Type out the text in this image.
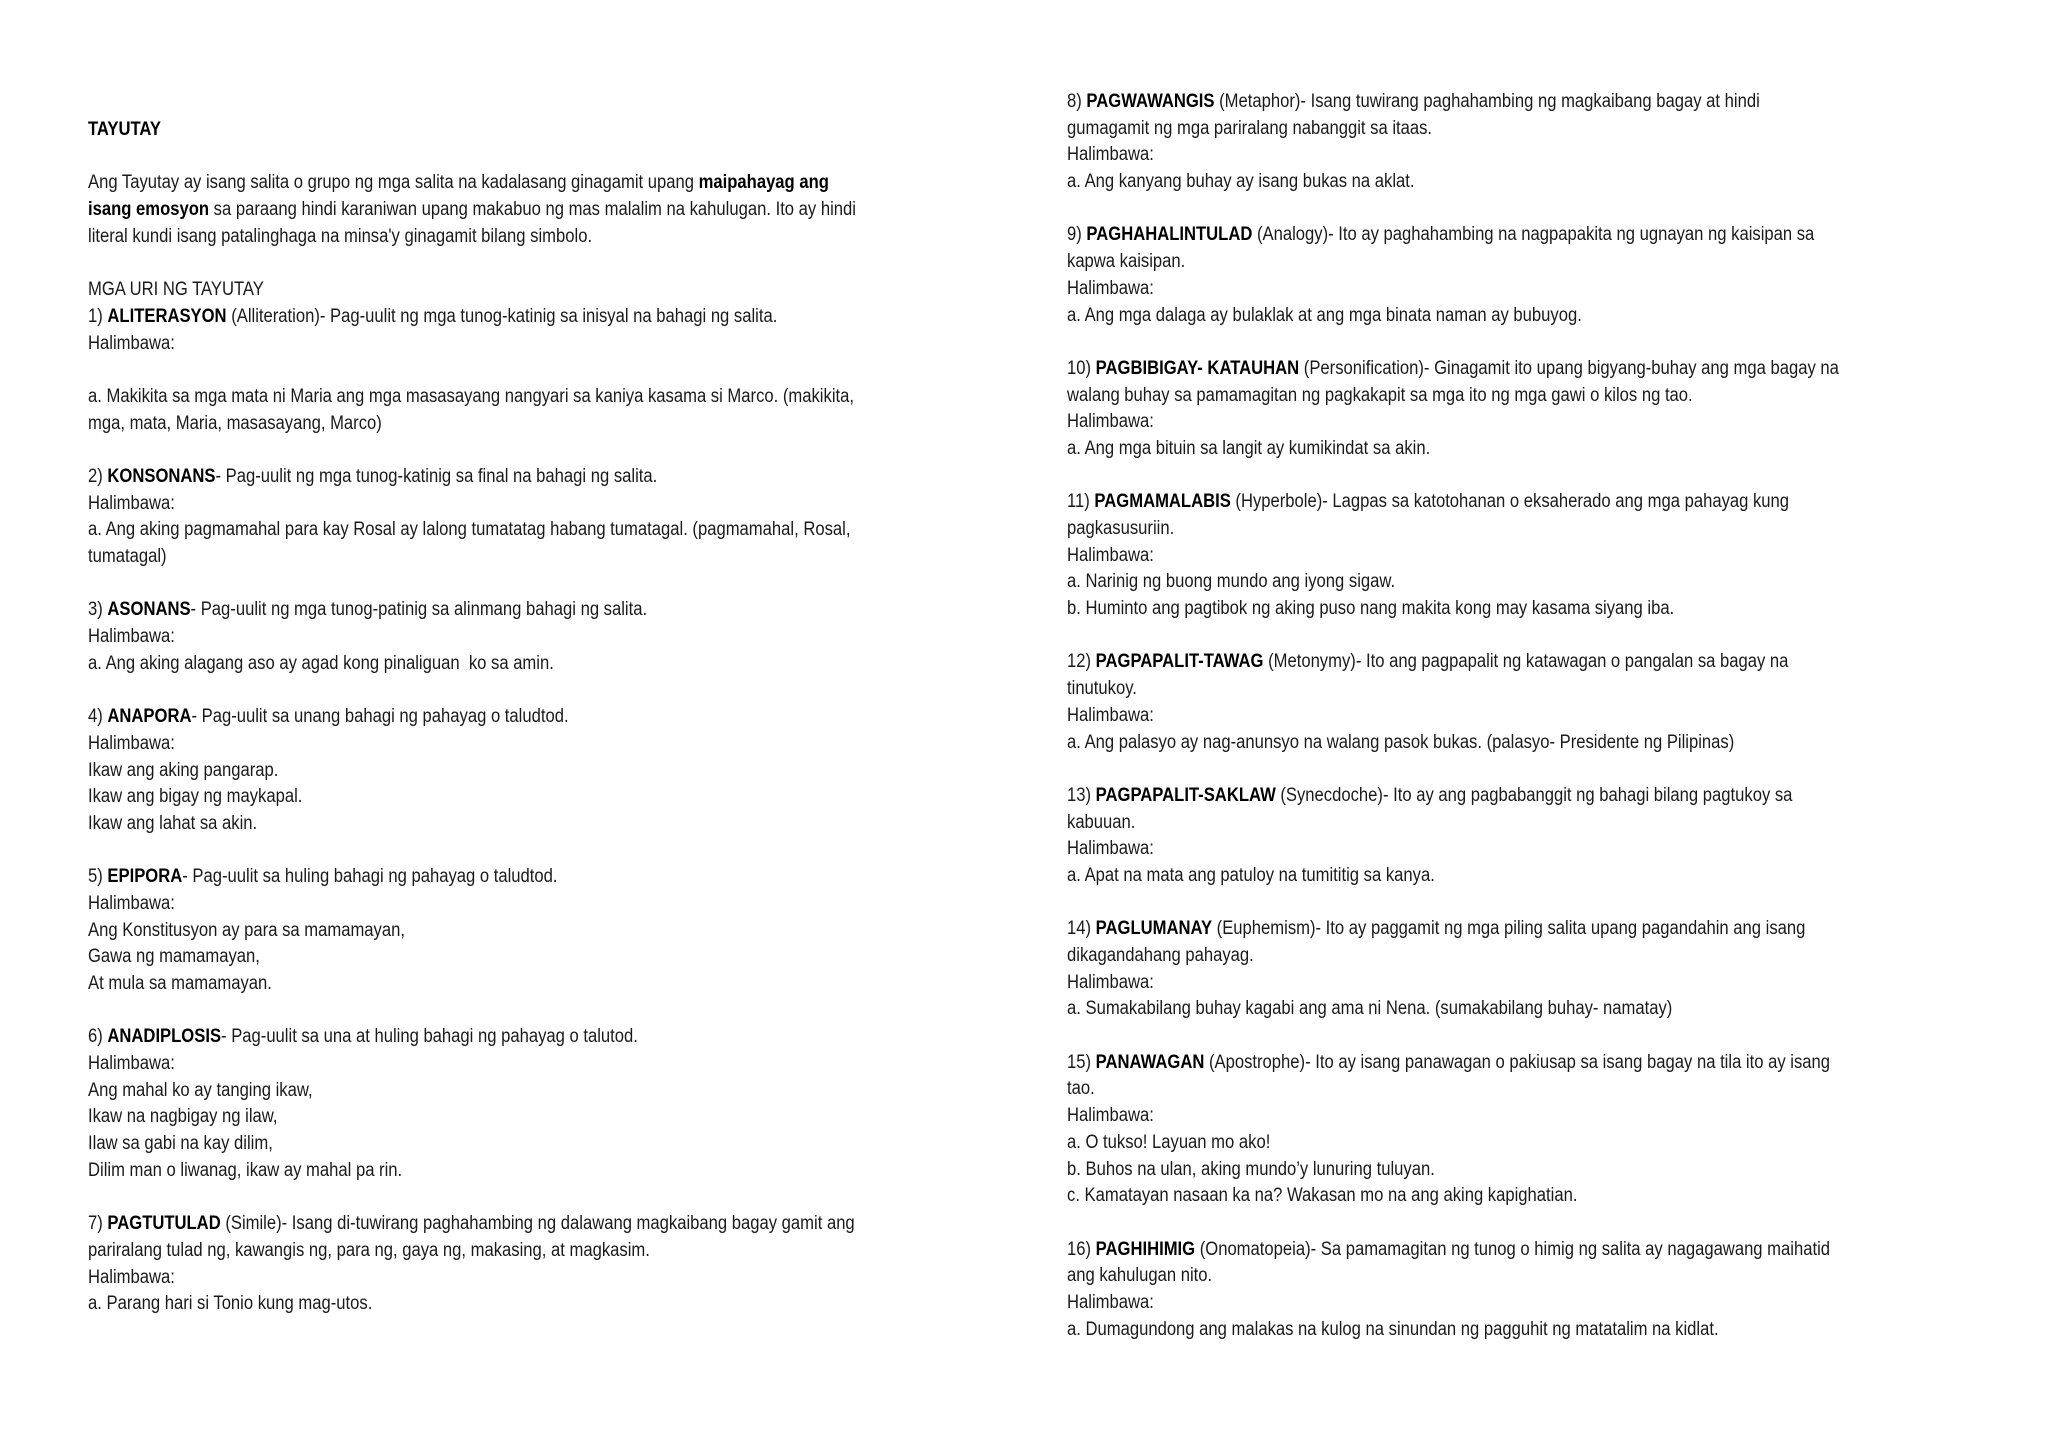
TAYUTAY
Ang Tayutay ay isang salita o grupo ng mga salita na kadalasang ginagamit upang maipahayag ang
isang emosyon sa paraang hindi karaniwan upang makabuo ng mas malalim na kahulugan. Ito ay hindi
literal kundi isang patalinghaga na minsa'y ginagamit bilang simbolo.
MGA URI NG TAYUTAY
1) ALITERASYON (Alliteration)- Pag-uulit ng mga tunog-katinig sa inisyal na bahagi ng salita.
Halimbawa:
a. Makikita sa mga mata ni Maria ang mga masasayang nangyari sa kaniya kasama si Marco. (makikita,
mga, mata, Maria, masasayang, Marco)
2) KONSONANS- Pag-uulit ng mga tunog-katinig sa final na bahagi ng salita.
Halimbawa:
a. Ang aking pagmamahal para kay Rosal ay lalong tumatatag habang tumatagal. (pagmamahal, Rosal,
tumatagal)
3) ASONANS- Pag-uulit ng mga tunog-patinig sa alinmang bahagi ng salita.
Halimbawa:
a. Ang aking alagang aso ay agad kong pinaliguan  ko sa amin.
4) ANAPORA- Pag-uulit sa unang bahagi ng pahayag o taludtod.
Halimbawa:
Ikaw ang aking pangarap.
Ikaw ang bigay ng maykapal.
Ikaw ang lahat sa akin.
5) EPIPORA- Pag-uulit sa huling bahagi ng pahayag o taludtod.
Halimbawa:
Ang Konstitusyon ay para sa mamamayan,
Gawa ng mamamayan,
At mula sa mamamayan.
6) ANADIPLOSIS- Pag-uulit sa una at huling bahagi ng pahayag o talutod.
Halimbawa:
Ang mahal ko ay tanging ikaw,
Ikaw na nagbigay ng ilaw,
Ilaw sa gabi na kay dilim,
Dilim man o liwanag, ikaw ay mahal pa rin.
7) PAGTUTULAD (Simile)- Isang di-tuwirang paghahambing ng dalawang magkaibang bagay gamit ang
pariralang tulad ng, kawangis ng, para ng, gaya ng, makasing, at magkasim.
Halimbawa:
a. Parang hari si Tonio kung mag-utos.
8) PAGWAWANGIS (Metaphor)- Isang tuwirang paghahambing ng magkaibang bagay at hindi
gumagamit ng mga pariralang nabanggit sa itaas.
Halimbawa:
a. Ang kanyang buhay ay isang bukas na aklat.
9) PAGHAHALINTULAD (Analogy)- Ito ay paghahambing na nagpapakita ng ugnayan ng kaisipan sa
kapwa kaisipan.
Halimbawa:
a. Ang mga dalaga ay bulaklak at ang mga binata naman ay bubuyog.
10) PAGBIBIGAY- KATAUHAN (Personification)- Ginagamit ito upang bigyang-buhay ang mga bagay na
walang buhay sa pamamagitan ng pagkakapit sa mga ito ng mga gawi o kilos ng tao.
Halimbawa:
a. Ang mga bituin sa langit ay kumikindat sa akin.
11) PAGMAMALABIS (Hyperbole)- Lagpas sa katotohanan o eksaherado ang mga pahayag kung
pagkasusuriin.
Halimbawa:
a. Narinig ng buong mundo ang iyong sigaw.
b. Huminto ang pagtibok ng aking puso nang makita kong may kasama siyang iba.
12) PAGPAPALIT-TAWAG (Metonymy)- Ito ang pagpapalit ng katawagan o pangalan sa bagay na
tinutukoy.
Halimbawa:
a. Ang palasyo ay nag-anunsyo na walang pasok bukas. (palasyo- Presidente ng Pilipinas)
13) PAGPAPALIT-SAKLAW (Synecdoche)- Ito ay ang pagbabanggit ng bahagi bilang pagtukoy sa
kabuuan.
Halimbawa:
a. Apat na mata ang patuloy na tumititig sa kanya.
14) PAGLUMANAY (Euphemism)- Ito ay paggamit ng mga piling salita upang pagandahin ang isang
dikagandahang pahayag.
Halimbawa:
a. Sumakabilang buhay kagabi ang ama ni Nena. (sumakabilang buhay- namatay)
15) PANAWAGAN (Apostrophe)- Ito ay isang panawagan o pakiusap sa isang bagay na tila ito ay isang
tao.
Halimbawa:
a. O tukso! Layuan mo ako!
b. Buhos na ulan, aking mundo’y lunuring tuluyan.
c. Kamatayan nasaan ka na? Wakasan mo na ang aking kapighatian.
16) PAGHIHIMIG (Onomatopeia)- Sa pamamagitan ng tunog o himig ng salita ay nagagawang maihatid
ang kahulugan nito.
Halimbawa:
a. Dumagundong ang malakas na kulog na sinundan ng pagguhit ng matatalim na kidlat.
